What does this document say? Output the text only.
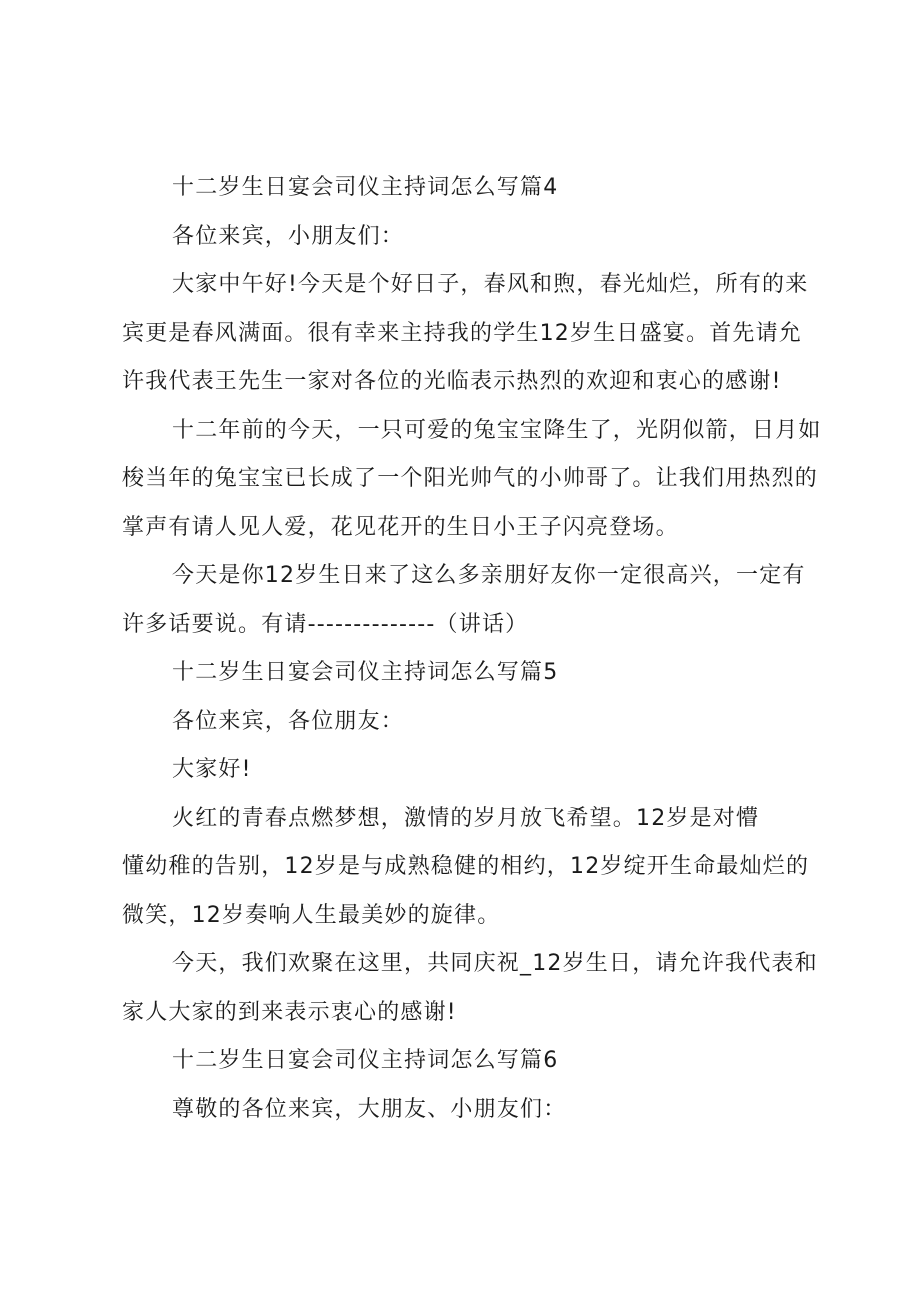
十二岁生日宴会司仪主持词怎么写篇4

各位来宾，小朋友们：

大家中午好!今天是个好日子，春风和煦，春光灿烂，所有的来宾更是春风满面。很有幸来主持我的学生12岁生日盛宴。首先请允许我代表王先生一家对各位的光临表示热烈的欢迎和衷心的感谢!

十二年前的今天，一只可爱的兔宝宝降生了，光阴似箭，日月如梭当年的兔宝宝已长成了一个阳光帅气的小帅哥了。让我们用热烈的掌声有请人见人爱，花见花开的生日小王子闪亮登场。

今天是你12岁生日来了这么多亲朋好友你一定很高兴，一定有许多话要说。有请--------------（讲话）

十二岁生日宴会司仪主持词怎么写篇5

各位来宾，各位朋友：

大家好!

火红的青春点燃梦想，激情的岁月放飞希望。12岁是对懵

懂幼稚的告别，12岁是与成熟稳健的相约，12岁绽开生命最灿烂的微笑，12岁奏响人生最美妙的旋律。

今天，我们欢聚在这里，共同庆祝_12岁生日，请允许我代表和家人大家的到来表示衷心的感谢!

十二岁生日宴会司仪主持词怎么写篇6

尊敬的各位来宾，大朋友、小朋友们：
